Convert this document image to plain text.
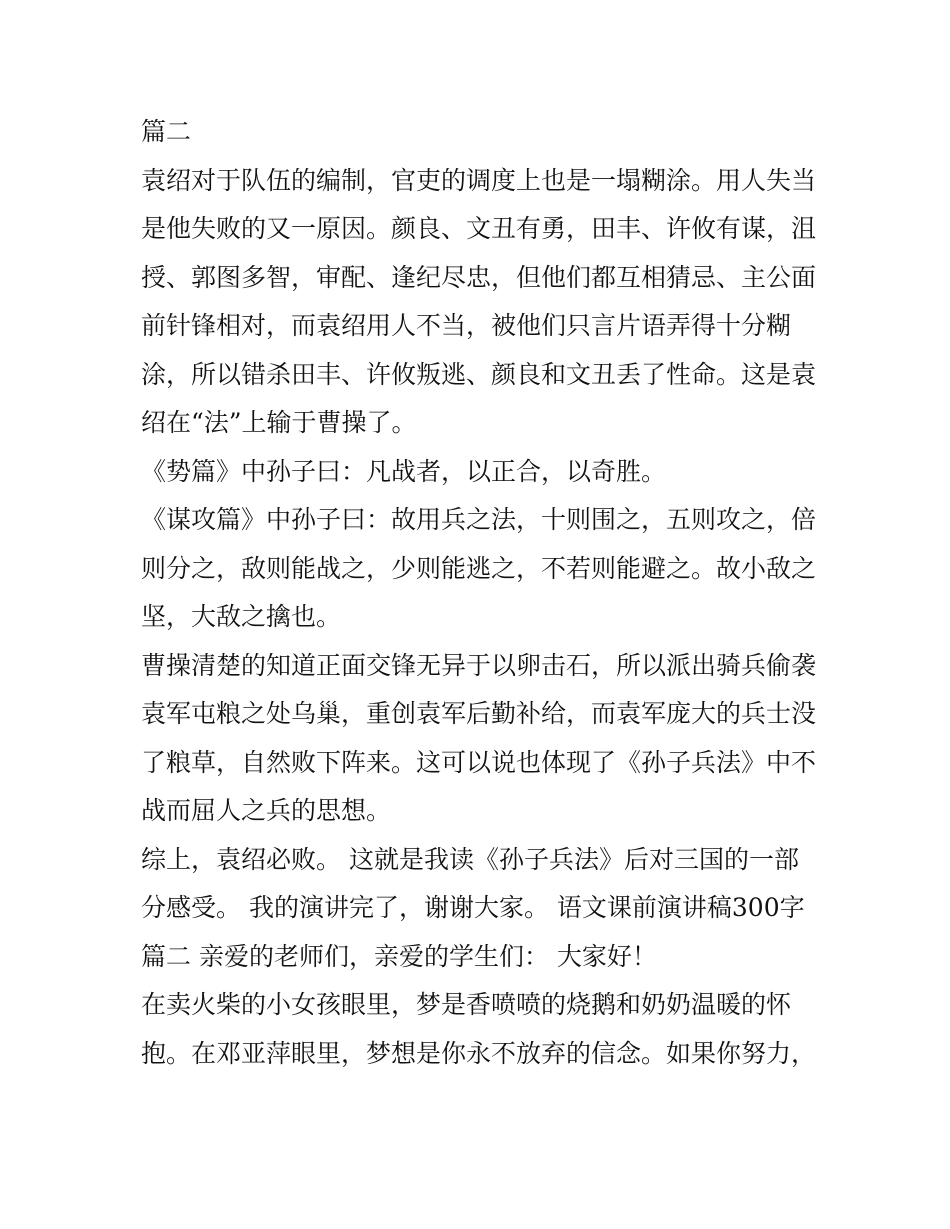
篇二
袁绍对于队伍的编制，官吏的调度上也是一塌糊涂。用人失当
是他失败的又一原因。颜良、文丑有勇，田丰、许攸有谋，沮
授、郭图多智，审配、逢纪尽忠，但他们都互相猜忌、主公面
前针锋相对，而袁绍用人不当，被他们只言片语弄得十分糊
涂，所以错杀田丰、许攸叛逃、颜良和文丑丢了性命。这是袁
绍在“法”上输于曹操了。
《势篇》中孙子曰：凡战者，以正合，以奇胜。
《谋攻篇》中孙子曰：故用兵之法，十则围之，五则攻之，倍
则分之，敌则能战之，少则能逃之，不若则能避之。故小敌之
坚，大敌之擒也。
曹操清楚的知道正面交锋无异于以卵击石，所以派出骑兵偷袭
袁军屯粮之处乌巢，重创袁军后勤补给，而袁军庞大的兵士没
了粮草，自然败下阵来。这可以说也体现了《孙子兵法》中不
战而屈人之兵的思想。
综上，袁绍必败。 这就是我读《孙子兵法》后对三国的一部
分感受。 我的演讲完了，谢谢大家。 语文课前演讲稿300字
篇二 亲爱的老师们，亲爱的学生们： 大家好！
在卖火柴的小女孩眼里，梦是香喷喷的烧鹅和奶奶温暖的怀
抱。在邓亚萍眼里，梦想是你永不放弃的信念。如果你努力，
